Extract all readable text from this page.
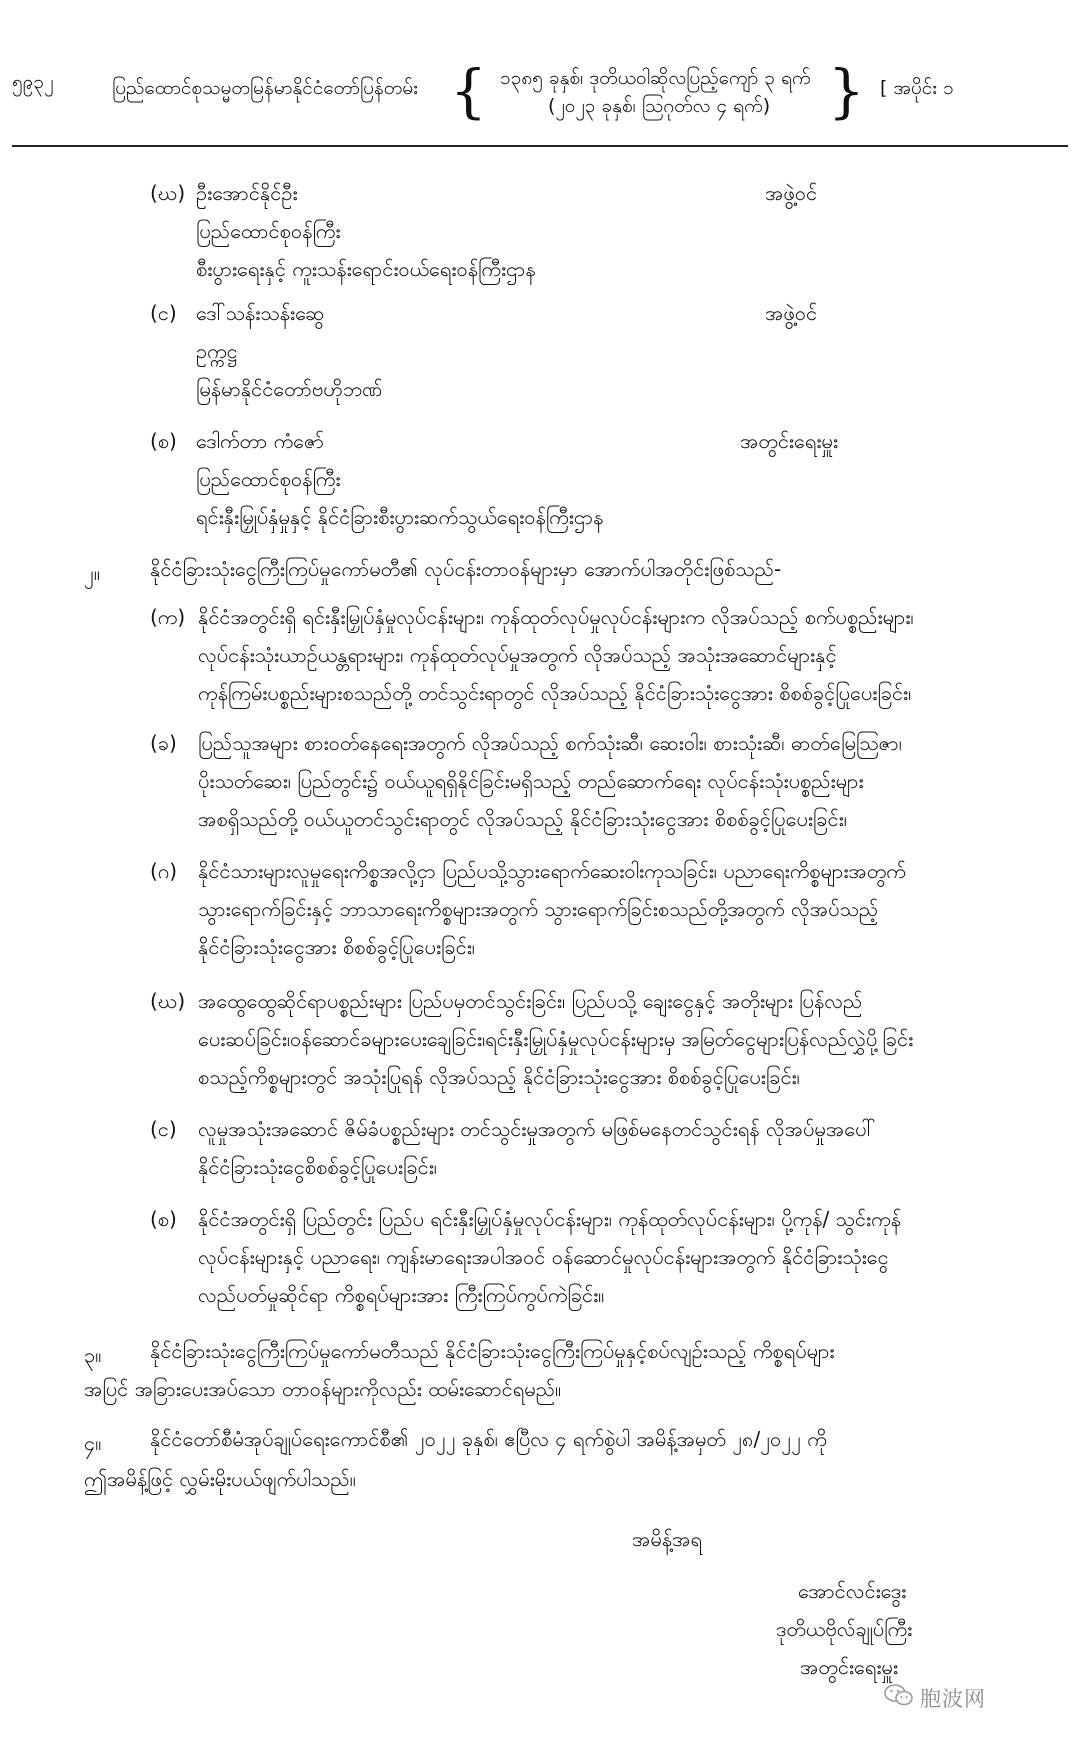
၅၉၃၂	ပြည်ထောင်စုသမ္မတမြန်မာနိုင်ငံတော်ပြန်တမ်း { ၁၃၈၅ ခုနှစ်၊ ဒုတိယဝါဆိုလပြည့်ကျော် ၃ ရက်
(၂၀၂၃ ခုနှစ်၊ ဩဂုတ်လ ၄ ရက်) } [ အပိုင်း ၁
(ဃ) ဦးအောင်နိုင်ဦး	အဖွဲ့ဝင်
ပြည်ထောင်စုဝန်ကြီး
စီးပွားရေးနှင့် ကူးသန်းရောင်းဝယ်ရေးဝန်ကြီးဌာန
(င) ဒေါ်သန်းသန်းဆွေ	အဖွဲ့ဝင်
ဥက္ကဋ္ဌ
မြန်မာနိုင်ငံတော်ဗဟိုဘဏ်
(စ) ဒေါက်တာ ကံဇော်	အတွင်းရေးမှူး
ပြည်ထောင်စုဝန်ကြီး
ရင်းနှီးမြှုပ်နှံမှုနှင့် နိုင်ငံခြားစီးပွားဆက်သွယ်ရေးဝန်ကြီးဌာန
၂။	နိုင်ငံခြားသုံးငွေကြီးကြပ်မှုကော်မတီ၏ လုပ်ငန်းတာဝန်များမှာ အောက်ပါအတိုင်းဖြစ်သည်-
(က) နိုင်ငံအတွင်းရှိ ရင်းနှီးမြှုပ်နှံမှုလုပ်ငန်းများ၊ ကုန်ထုတ်လုပ်မှုလုပ်ငန်းများက လိုအပ်သည့် စက်ပစ္စည်းများ၊
လုပ်ငန်းသုံးယာဉ်ယန္တရားများ၊ ကုန်ထုတ်လုပ်မှုအတွက် လိုအပ်သည့် အသုံးအဆောင်များနှင့်
ကုန်ကြမ်းပစ္စည်းများစသည်တို့ တင်သွင်းရာတွင် လိုအပ်သည့် နိုင်ငံခြားသုံးငွေအား စိစစ်ခွင့်ပြုပေးခြင်း၊
(ခ) ပြည်သူအများ စားဝတ်နေရေးအတွက် လိုအပ်သည့် စက်သုံးဆီ၊ ဆေးဝါး၊ စားသုံးဆီ၊ ဓာတ်မြေဩဇာ၊
ပိုးသတ်ဆေး၊ ပြည်တွင်း၌ ဝယ်ယူရရှိနိုင်ခြင်းမရှိသည့် တည်ဆောက်ရေး လုပ်ငန်းသုံးပစ္စည်းများ
အစရှိသည်တို့ ဝယ်ယူတင်သွင်းရာတွင် လိုအပ်သည့် နိုင်ငံခြားသုံးငွေအား စိစစ်ခွင့်ပြုပေးခြင်း၊
(ဂ) နိုင်ငံသားများလူမှုရေးကိစ္စအလို့ငှာ ပြည်ပသို့သွားရောက်ဆေးဝါးကုသခြင်း၊ ပညာရေးကိစ္စများအတွက်
သွားရောက်ခြင်းနှင့် ဘာသာရေးကိစ္စများအတွက် သွားရောက်ခြင်းစသည်တို့အတွက် လိုအပ်သည့်
နိုင်ငံခြားသုံးငွေအား စိစစ်ခွင့်ပြုပေးခြင်း၊
(ဃ) အထွေထွေဆိုင်ရာပစ္စည်းများ ပြည်ပမှတင်သွင်းခြင်း၊ ပြည်ပသို့ ချေးငွေနှင့် အတိုးများ ပြန်လည်
ပေးဆပ်ခြင်း၊ဝန်ဆောင်ခများပေးချေခြင်း၊ရင်းနှီးမြှုပ်နှံမှုလုပ်ငန်းများမှ အမြတ်ငွေများပြန်လည်လွှဲပို့ခြင်း
စသည့်ကိစ္စများတွင် အသုံးပြုရန် လိုအပ်သည့် နိုင်ငံခြားသုံးငွေအား စိစစ်ခွင့်ပြုပေးခြင်း၊
(င) လူမှုအသုံးအဆောင် ဇိမ်ခံပစ္စည်းများ တင်သွင်းမှုအတွက် မဖြစ်မနေတင်သွင်းရန် လိုအပ်မှုအပေါ်
နိုင်ငံခြားသုံးငွေစိစစ်ခွင့်ပြုပေးခြင်း၊
(စ) နိုင်ငံအတွင်းရှိ ပြည်တွင်း ပြည်ပ ရင်းနှီးမြှုပ်နှံမှုလုပ်ငန်းများ၊ ကုန်ထုတ်လုပ်ငန်းများ၊ ပို့ကုန်/ သွင်းကုန်
လုပ်ငန်းများနှင့် ပညာရေး၊ ကျန်းမာရေးအပါအဝင် ဝန်ဆောင်မှုလုပ်ငန်းများအတွက် နိုင်ငံခြားသုံးငွေ
လည်ပတ်မှုဆိုင်ရာ ကိစ္စရပ်များအား ကြီးကြပ်ကွပ်ကဲခြင်း။
၃။ နိုင်ငံခြားသုံးငွေကြီးကြပ်မှုကော်မတီသည် နိုင်ငံခြားသုံးငွေကြီးကြပ်မှုနှင့်စပ်လျဉ်းသည့် ကိစ္စရပ်များ
အပြင် အခြားပေးအပ်သော တာဝန်များကိုလည်း ထမ်းဆောင်ရမည်။
၄။ နိုင်ငံတော်စီမံအုပ်ချုပ်ရေးကောင်စီ၏ ၂၀၂၂ ခုနှစ်၊ ဧပြီလ ၄ ရက်စွဲပါ အမိန့်အမှတ် ၂၈/၂၀၂၂ ကို
ဤအမိန့်ဖြင့် လွှမ်းမိုးပယ်ဖျက်ပါသည်။
အမိန့်အရ
အောင်လင်းဒွေး
ဒုတိယဗိုလ်ချုပ်ကြီး
အတွင်းရေးမှူး
胞波网
